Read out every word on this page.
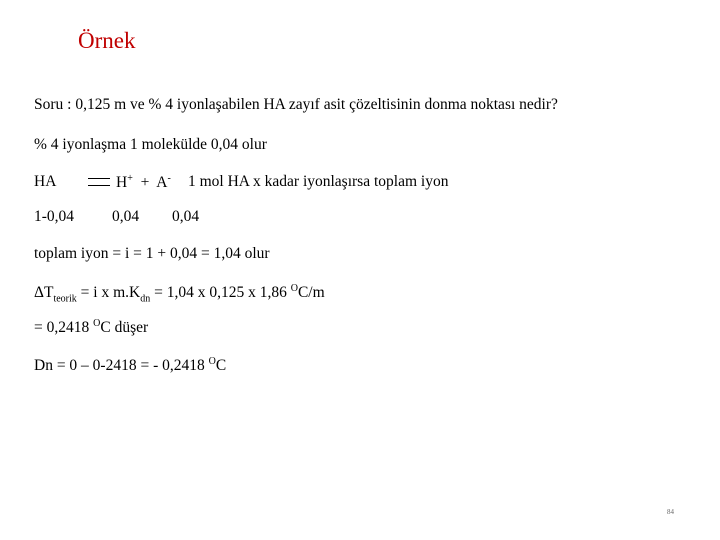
Örnek
Soru : 0,125 m ve % 4 iyonlaşabilen HA zayıf asit çözeltisinin donma noktası nedir?
% 4 iyonlaşma 1 molekülde 0,04 olur
HA	H+ + A- 1 mol HA x kadar iyonlaşırsa toplam iyon
1-0,04 0,04 0,04
toplam iyon = i = 1 + 0,04 = 1,04 olur
$\Delta T_{teorik} = i$ x $m.K_{dn} = 1,04$ x 0,125 x 1,86 $^O$C/m
= 0,2418 $^O$C düşer
Dn = 0 – 0-2418 = - 0,2418 $^O$C
84
